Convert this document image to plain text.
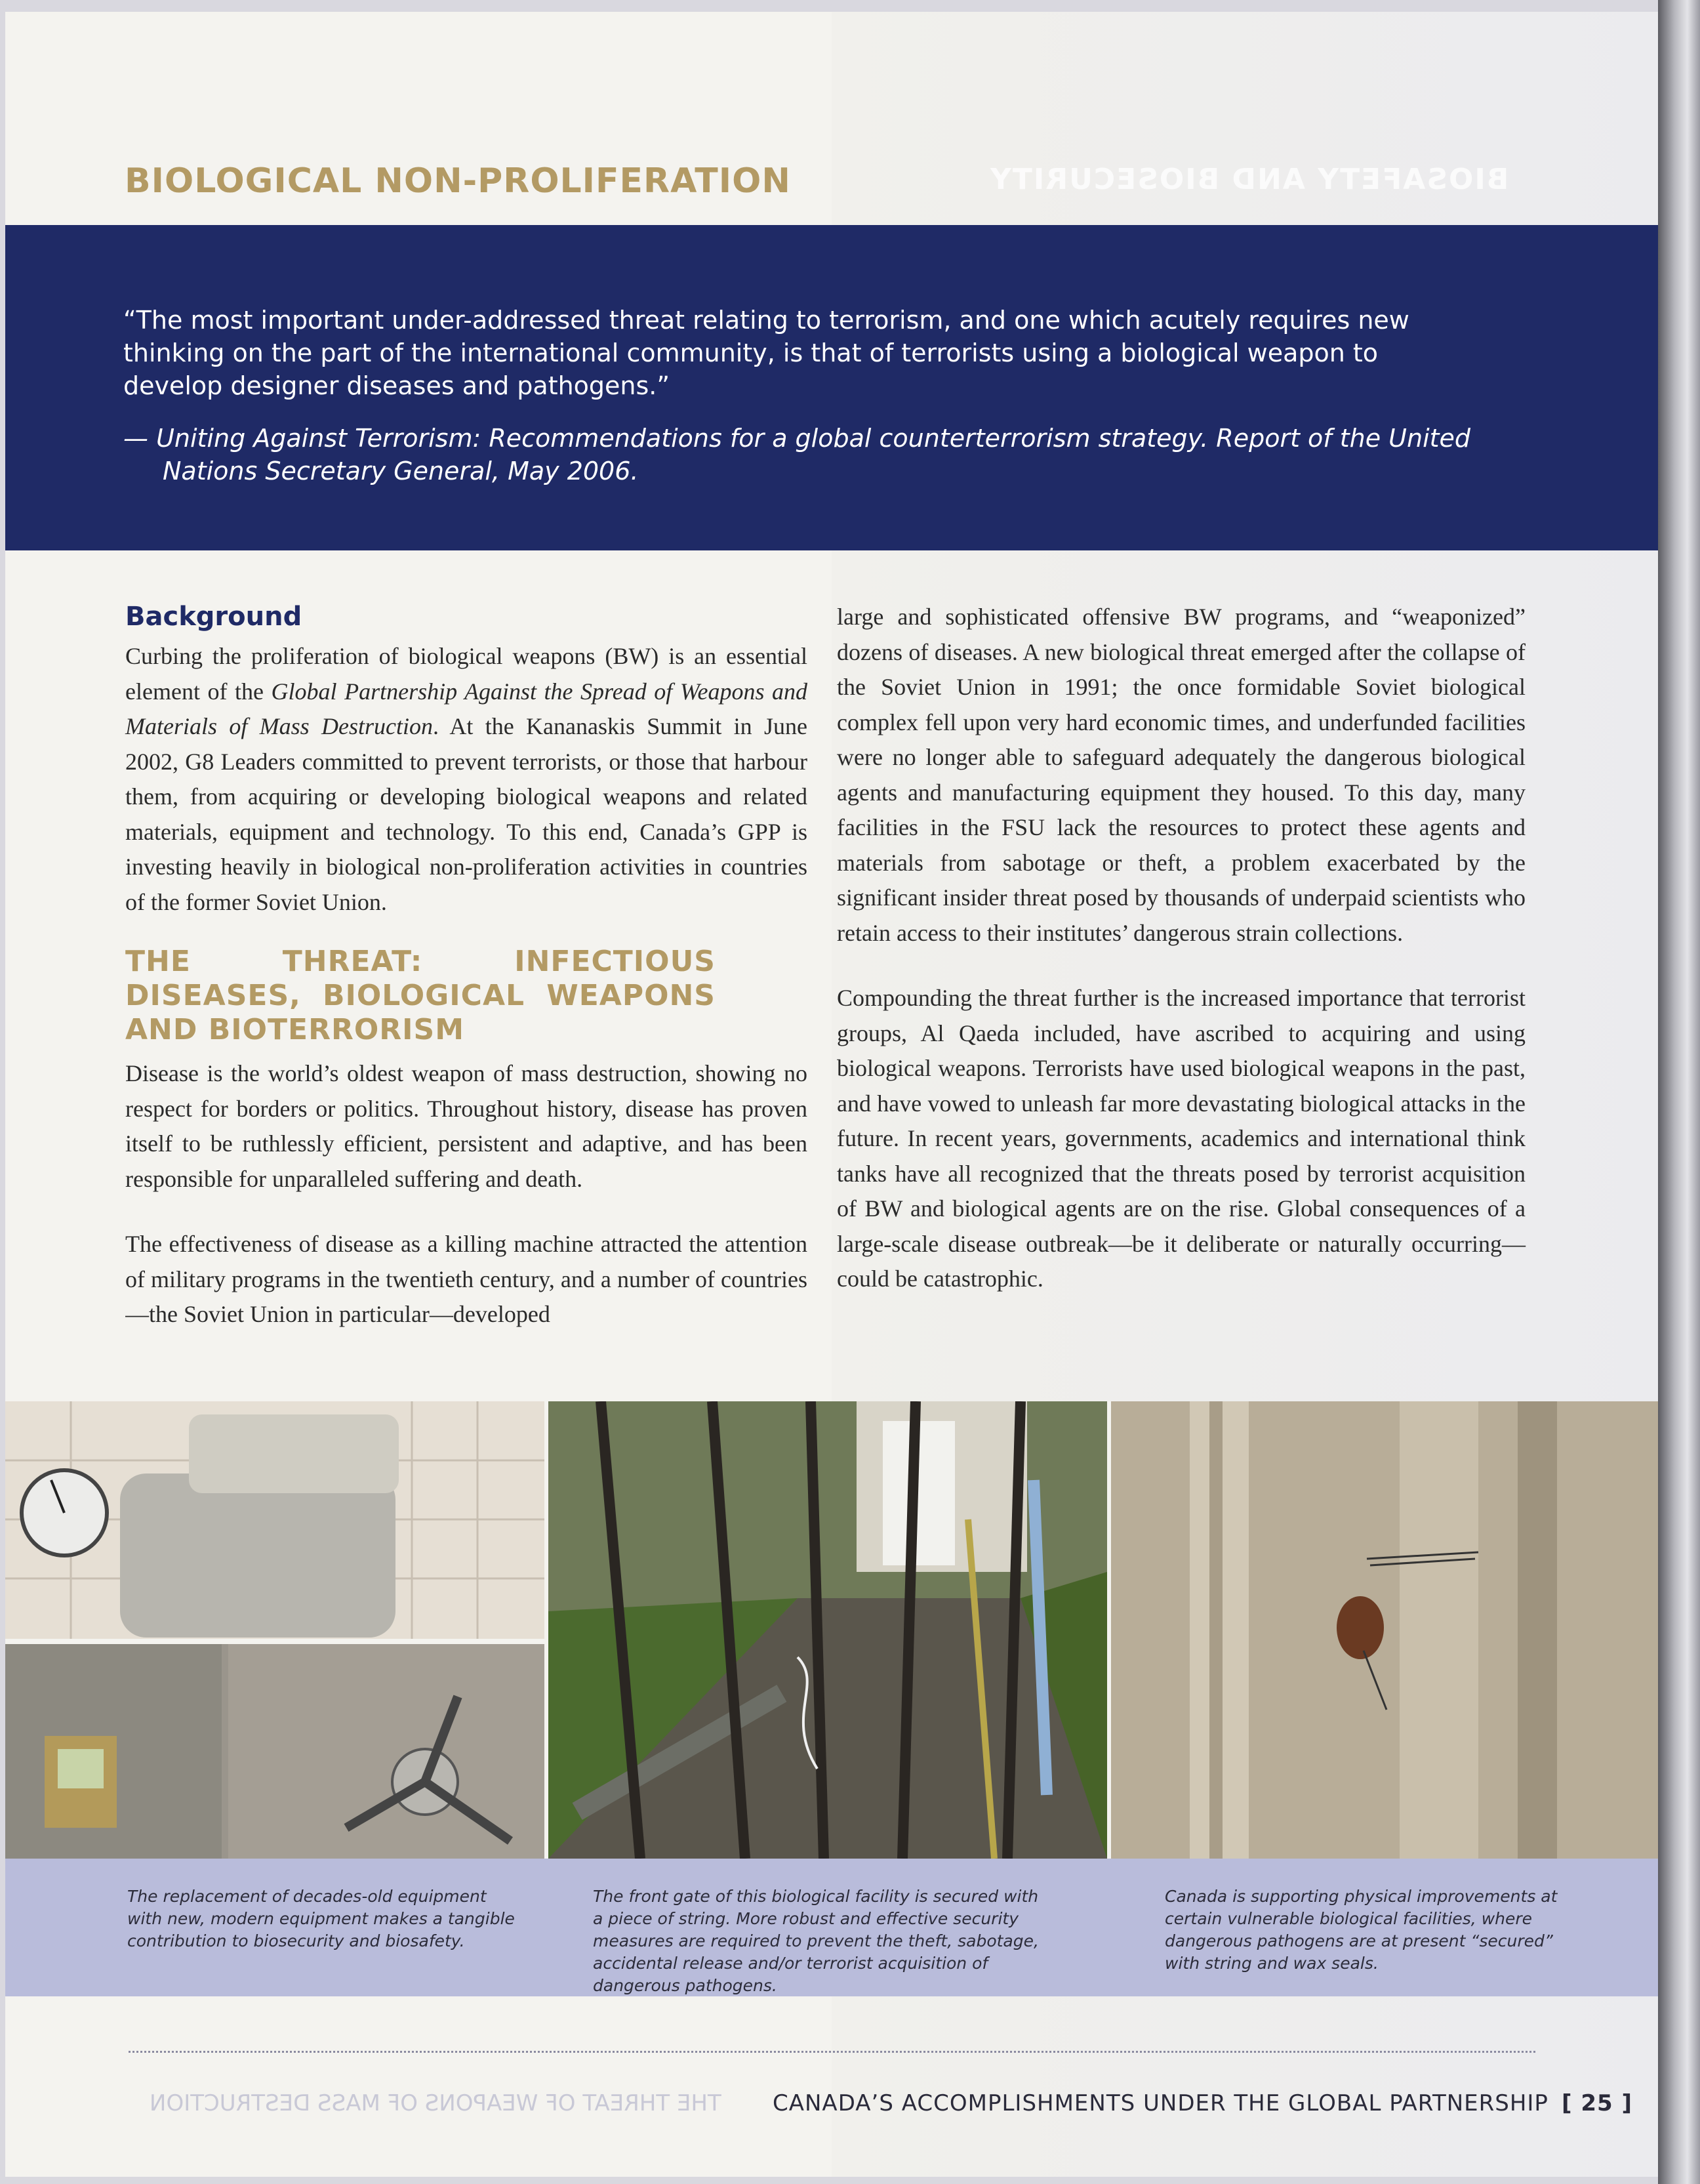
BIOSAFETY AND BIOSECURITY
BIOLOGICAL NON-PROLIFERATION

“The most important under-addressed threat relating to terrorism, and one which acutely requires new thinking on the part of the international community, is that of terrorists using a biological weapon to develop designer diseases and pathogens.”

— Uniting Against Terrorism: Recommendations for a global counterterrorism strategy. Report of the United Nations Secretary General, May 2006.

Background

Curbing the proliferation of biological weapons (BW) is an essential element of the Global Partnership Against the Spread of Weapons and Materials of Mass Destruction. At the Kananaskis Summit in June 2002, G8 Leaders committed to prevent terrorists, or those that harbour them, from acquiring or developing biological weapons and related materials, equipment and technology. To this end, Canada’s GPP is investing heavily in biological non-proliferation activities in countries of the former Soviet Union.

THE THREAT: INFECTIOUS DISEASES, BIOLOGICAL WEAPONS AND BIOTERRORISM

Disease is the world’s oldest weapon of mass destruction, showing no respect for borders or politics. Throughout history, disease has proven itself to be ruthlessly efficient, persistent and adaptive, and has been responsible for unparalleled suffering and death.

The effectiveness of disease as a killing machine attracted the attention of military programs in the twentieth century, and a number of countries—the Soviet Union in particular—developed

large and sophisticated offensive BW programs, and “weaponized” dozens of diseases. A new biological threat emerged after the collapse of the Soviet Union in 1991; the once formidable Soviet biological complex fell upon very hard economic times, and underfunded facilities were no longer able to safeguard adequately the dangerous biological agents and manufacturing equipment they housed. To this day, many facilities in the FSU lack the resources to protect these agents and materials from sabotage or theft, a problem exacerbated by the significant insider threat posed by thousands of underpaid scientists who retain access to their institutes’ dangerous strain collections.

Compounding the threat further is the increased importance that terrorist groups, Al Qaeda included, have ascribed to acquiring and using biological weapons. Terrorists have used biological weapons in the past, and have vowed to unleash far more devastating biological attacks in the future. In recent years, governments, academics and international think tanks have all recognized that the threats posed by terrorist acquisition of BW and biological agents are on the rise. Global consequences of a large-scale disease outbreak—be it deliberate or naturally occurring—could be catastrophic.

The replacement of decades-old equipment with new, modern equipment makes a tangible contribution to biosecurity and biosafety.

The front gate of this biological facility is secured with a piece of string. More robust and effective security measures are required to prevent the theft, sabotage, accidental release and/or terrorist acquisition of dangerous pathogens.

Canada is supporting physical improvements at certain vulnerable biological facilities, where dangerous pathogens are at present “secured” with string and wax seals.

THE THREAT OF WEAPONS OF MASS DESTRUCTION CANADA’S ACCOMPLISHMENTS UNDER THE GLOBAL PARTNERSHIP [ 25 ]
